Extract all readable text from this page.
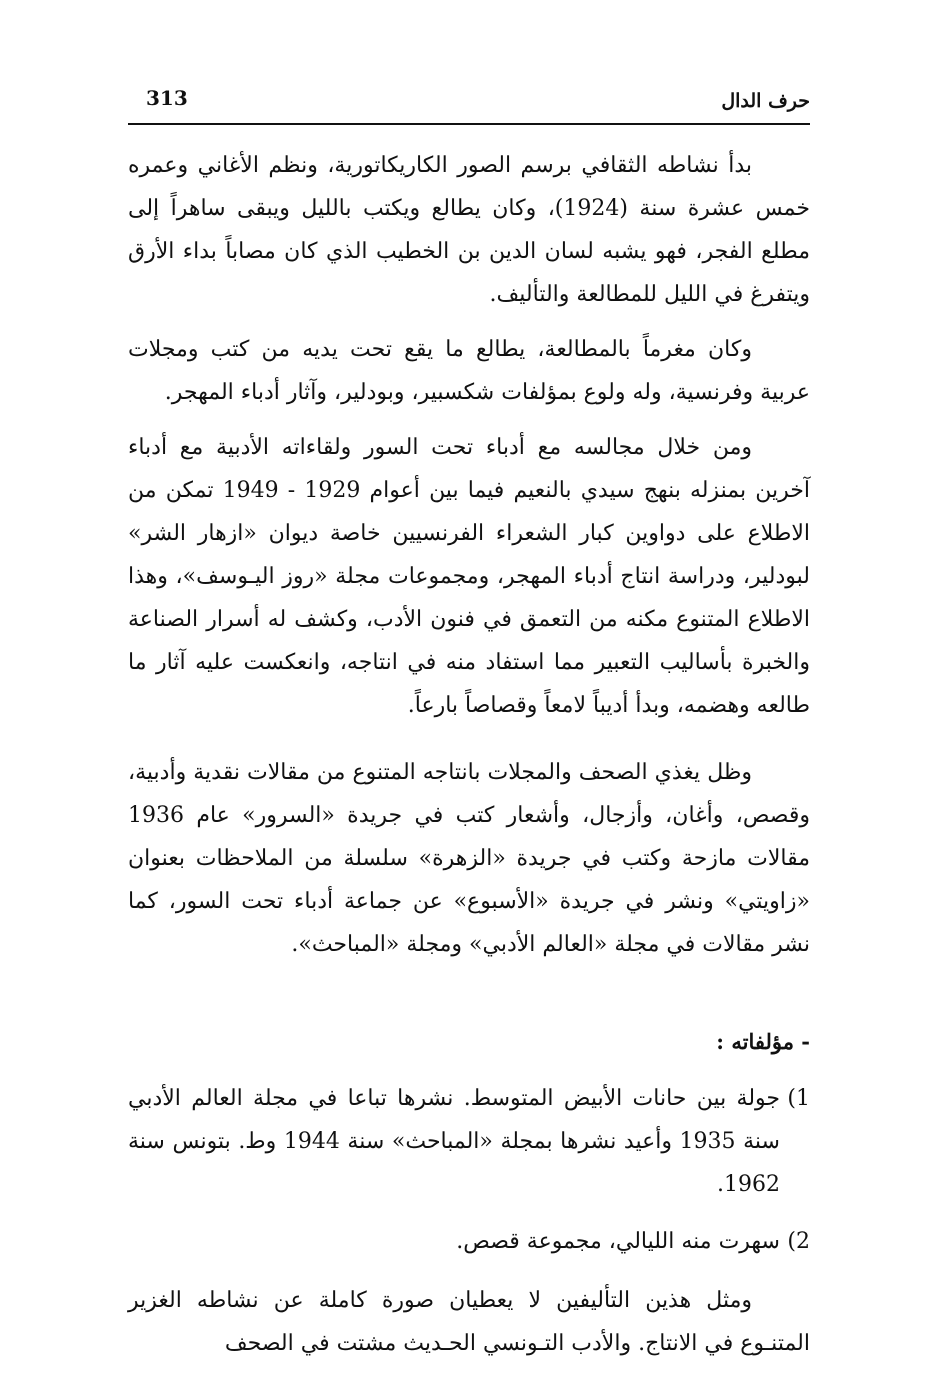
حرف الدال
313

بدأ نشاطه الثقافي برسم الصور الكاريكاتورية، ونظم الأغاني وعمره خمس عشرة سنة (1924)، وكان يطالع ويكتب بالليل ويبقى ساهراً إلى مطلع الفجر، فهو يشبه لسان الدين بن الخطيب الذي كان مصاباً بداء الأرق ويتفرغ في الليل للمطالعة والتأليف.

وكان مغرماً بالمطالعة، يطالع ما يقع تحت يديه من كتب ومجلات عربية وفرنسية، وله ولوع بمؤلفات شكسبير، وبودلير، وآثار أدباء المهجر.

ومن خلال مجالسه مع أدباء تحت السور ولقاءاته الأدبية مع أدباء آخرين بمنزله بنهج سيدي بالنعيم فيما بين أعوام 1929 - 1949 تمكن من الاطلاع على دواوين كبار الشعراء الفرنسيين خاصة ديوان «ازهار الشر» لبودلير، ودراسة انتاج أدباء المهجر، ومجموعات مجلة «روز اليـوسف»، وهذا الاطلاع المتنوع مكنه من التعمق في فنون الأدب، وكشف له أسرار الصناعة والخبرة بأساليب التعبير مما استفاد منه في انتاجه، وانعكست عليه آثار ما طالعه وهضمه، وبدأ أديباً لامعاً وقصاصاً بارعاً.

وظل يغذي الصحف والمجلات بانتاجه المتنوع من مقالات نقدية وأدبية، وقصص، وأغان، وأزجال، وأشعار كتب في جريدة «السرور» عام 1936 مقالات مازحة وكتب في جريدة «الزهرة» سلسلة من الملاحظات بعنوان «زاويتي» ونشر في جريدة «الأسبوع» عن جماعة أدباء تحت السور، كما نشر مقالات في مجلة «العالم الأدبي» ومجلة «المباحث».

- مؤلفاته :
1)
جولة بين حانات الأبيض المتوسط. نشرها تباعا في مجلة العالم الأدبي سنة 1935 وأعيد نشرها بمجلة «المباحث» سنة 1944 وط. بتونس سنة 1962.
2)
سهرت منه الليالي، مجموعة قصص.

ومثل هذين التأليفين لا يعطيان صورة كاملة عن نشاطه الغزير المتنـوع في الانتاج. والأدب التـونسي الحـديث مشتت في الصحف
